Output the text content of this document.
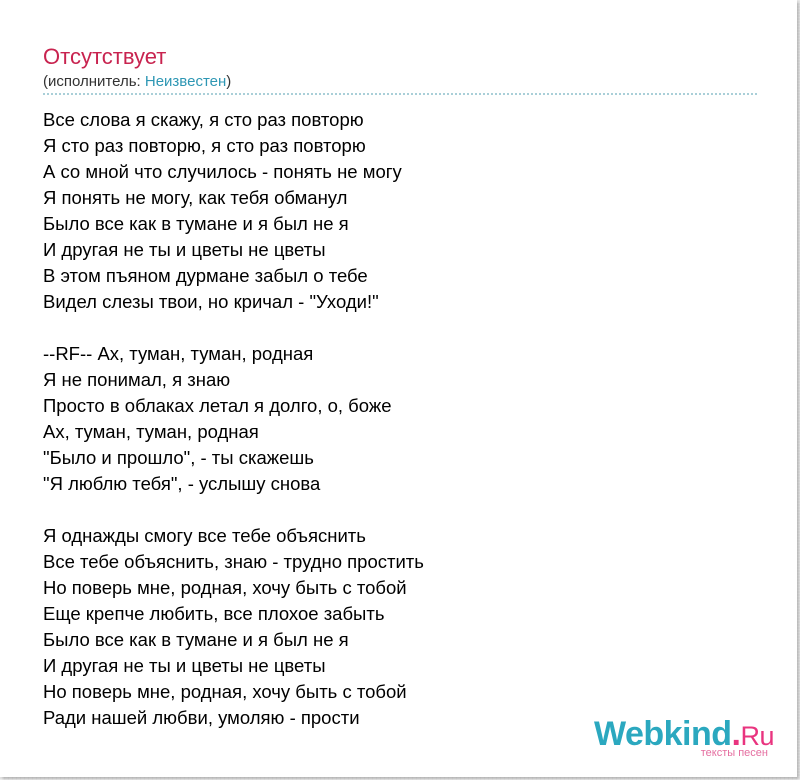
Отсутствует
(исполнитель: Неизвестен)
Все слова я скажу, я сто раз повторю
Я сто раз повторю, я сто раз повторю
А со мной что случилось - понять не могу
Я понять не могу, как тебя обманул
Было все как в тумане и я был не я
И другая не ты и цветы не цветы
В этом пъяном дурмане забыл о тебе
Видел слезы твои, но кричал - "Уходи!"
--RF-- Ах, туман, туман, родная
Я не понимал, я знаю
Просто в облаках летал я долго, о, боже
Ах, туман, туман, родная
"Было и прошло", - ты скажешь
"Я люблю тебя", - услышу снова
Я однажды смогу все тебе объяснить
Все тебе объяснить, знаю - трудно простить
Но поверь мне, родная, хочу быть с тобой
Еще крепче любить, все плохое забыть
Было все как в тумане и я был не я
И другая не ты и цветы не цветы
Но поверь мне, родная, хочу быть с тобой
Ради нашей любви, умоляю - прости	Webkind.Ru
тексты песен
